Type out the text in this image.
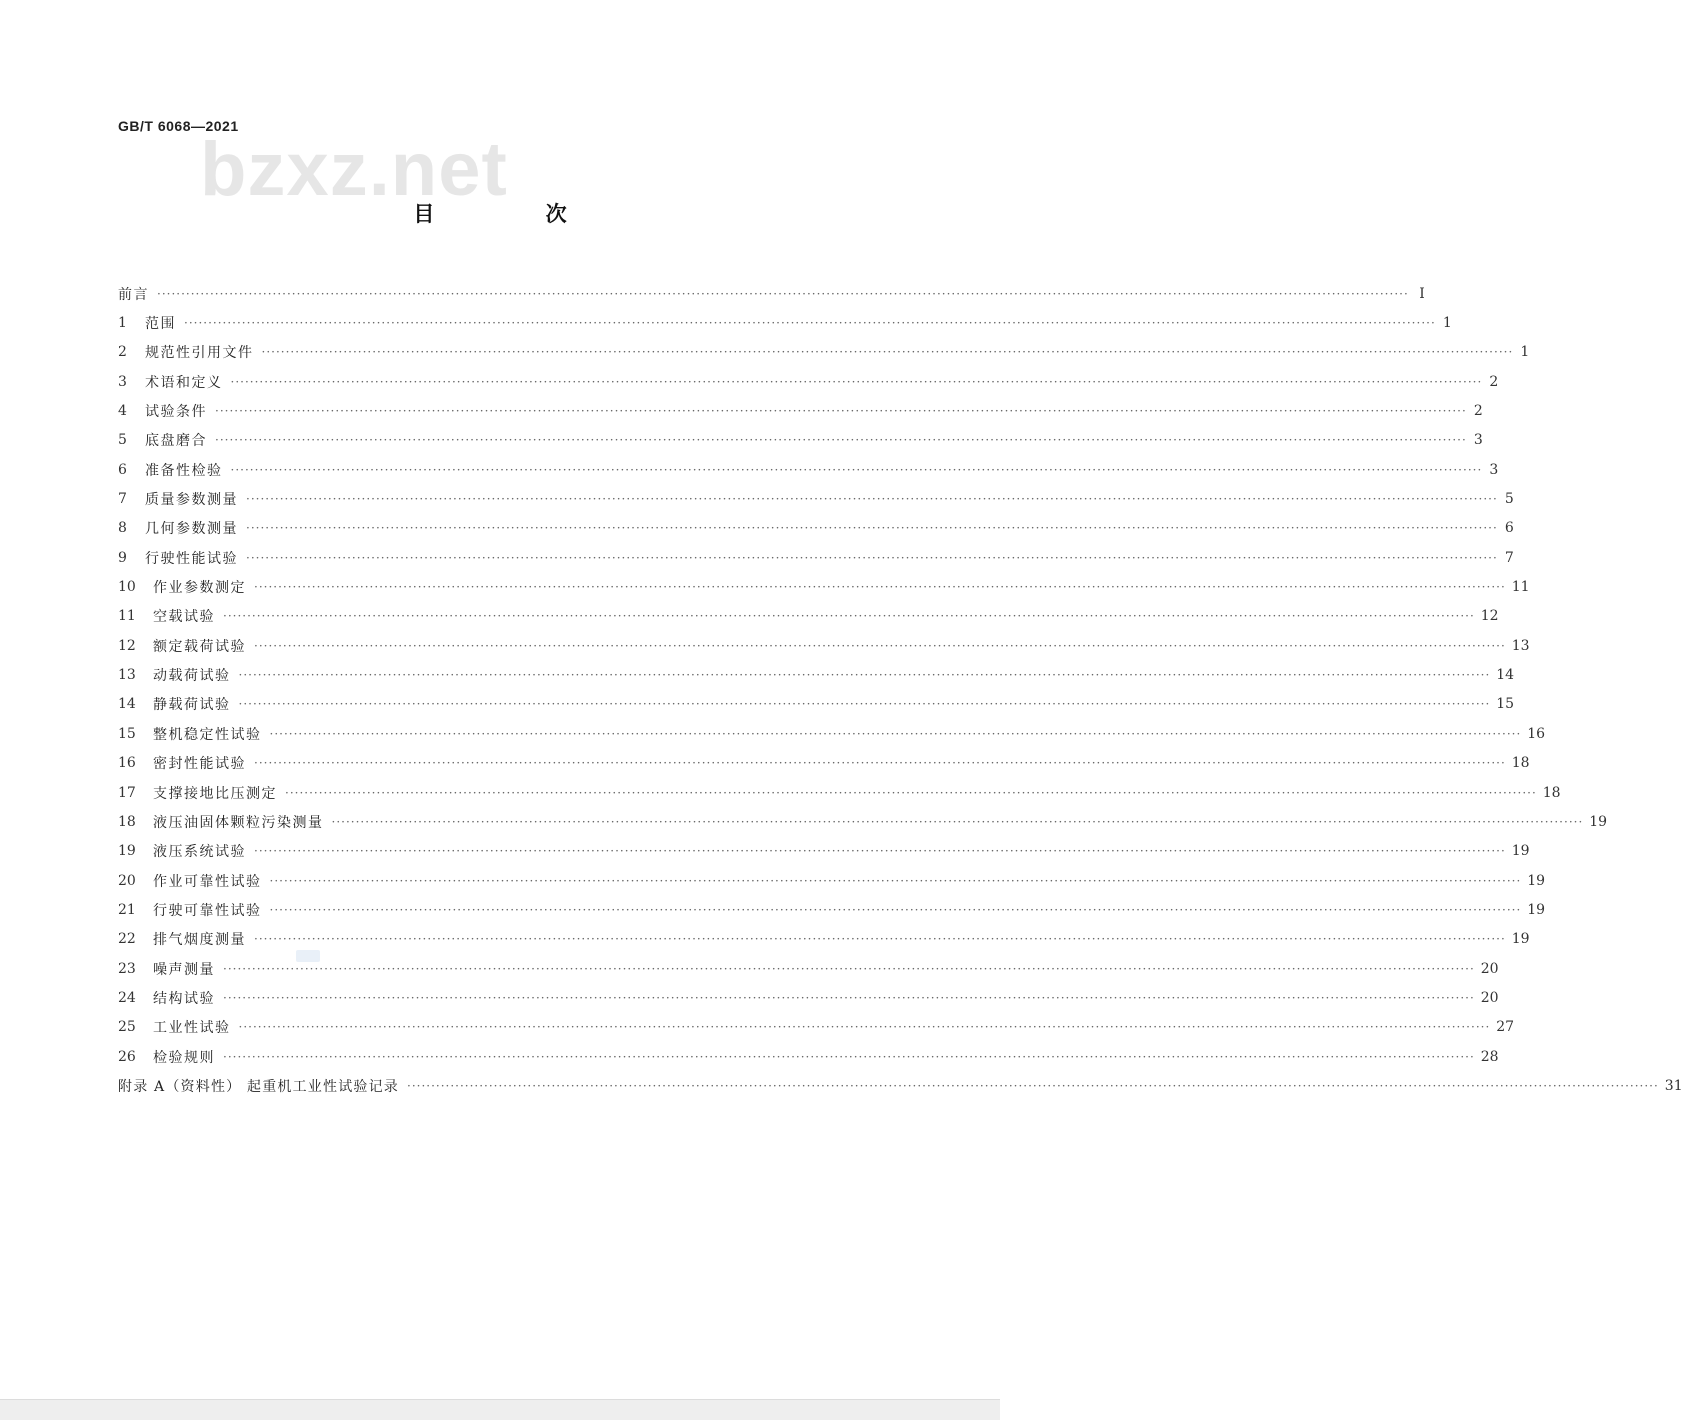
GB/T 6068—2021
bzxz.net
目 次
前言 ···································································································································································································································································· I
1	范围 ···································································································································································································································································· 1
2	规范性引用文件 ···································································································································································································································································· 1
3	术语和定义 ···································································································································································································································································· 2
4	试验条件 ···································································································································································································································································· 2
5	底盘磨合 ···································································································································································································································································· 3
6	准备性检验 ···································································································································································································································································· 3
7	质量参数测量 ···································································································································································································································································· 5
8	几何参数测量 ···································································································································································································································································· 6
9	行驶性能试验 ···································································································································································································································································· 7
10	作业参数测定 ···································································································································································································································································· 11
11	空载试验 ···································································································································································································································································· 12
12	额定载荷试验 ···································································································································································································································································· 13
13	动载荷试验 ···································································································································································································································································· 14
14	静载荷试验 ···································································································································································································································································· 15
15	整机稳定性试验 ···································································································································································································································································· 16
16	密封性能试验 ···································································································································································································································································· 18
17	支撑接地比压测定 ···································································································································································································································································· 18
18	液压油固体颗粒污染测量 ···································································································································································································································································· 19
19	液压系统试验 ···································································································································································································································································· 19
20	作业可靠性试验 ···································································································································································································································································· 19
21	行驶可靠性试验 ···································································································································································································································································· 19
22	排气烟度测量 ···································································································································································································································································· 19
23	噪声测量 ···································································································································································································································································· 20
24	结构试验 ···································································································································································································································································· 20
25	工业性试验 ···································································································································································································································································· 27
26	检验规则 ···································································································································································································································································· 28
附录 A（资料性） 起重机工业性试验记录 ···································································································································································································································································· 31
